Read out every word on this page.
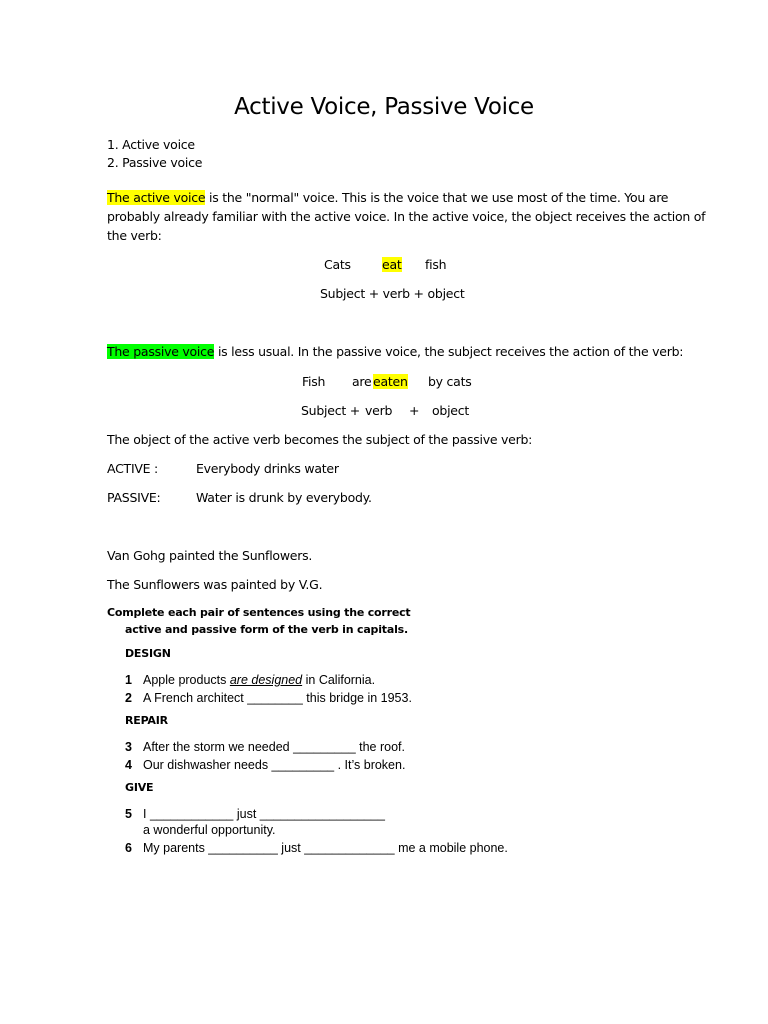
Active Voice, Passive Voice
1. Active voice
2. Passive voice
The active voice is the "normal" voice. This is the voice that we use most of the time. You are
probably already familiar with the active voice. In the active voice, the object receives the action of
the verb:
Cats eat fish
Subject + verb + object
The passive voice is less usual. In the passive voice, the subject receives the action of the verb:
Fish are eaten by cats
Subject + verb + object
The object of the active verb becomes the subject of the passive verb:
ACTIVE :	Everybody drinks water
PASSIVE:	Water is drunk by everybody.
Van Gohg painted the Sunflowers.
The Sunflowers was painted by V.G.
Complete each pair of sentences using the correct
active and passive form of the verb in capitals.
DESIGN
1 Apple products are designed in California.
2 A French architect ________ this bridge in 1953.
REPAIR
3 After the storm we needed _________ the roof.
4 Our dishwasher needs _________ . It’s broken.
GIVE
5 I ____________ just __________________
a wonderful opportunity.
6 My parents __________ just _____________ me a mobile phone.
